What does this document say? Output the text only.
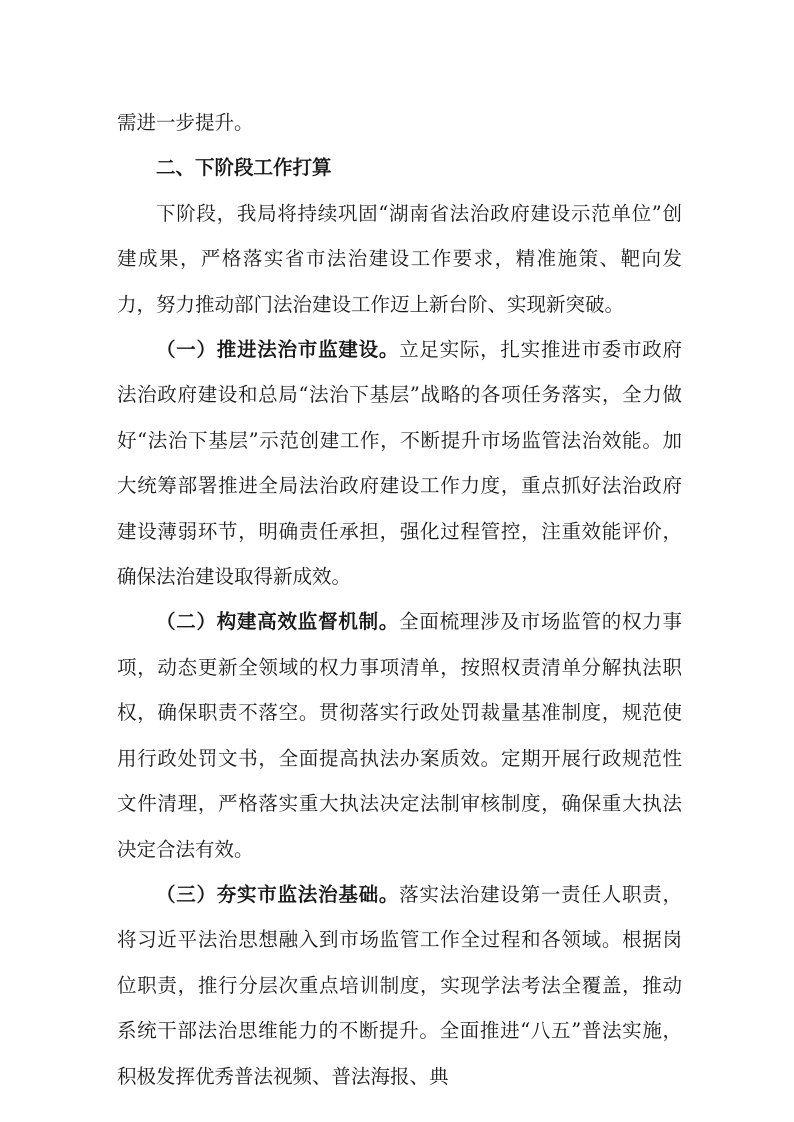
需进一步提升。

二、下阶段工作打算

下阶段，我局将持续巩固“湖南省法治政府建设示范单位”创建成果，严格落实省市法治建设工作要求，精准施策、靶向发力，努力推动部门法治建设工作迈上新台阶、实现新突破。

（一）推进法治市监建设。立足实际，扎实推进市委市政府法治政府建设和总局“法治下基层”战略的各项任务落实，全力做好“法治下基层”示范创建工作，不断提升市场监管法治效能。加大统筹部署推进全局法治政府建设工作力度，重点抓好法治政府建设薄弱环节，明确责任承担，强化过程管控，注重效能评价，确保法治建设取得新成效。

（二）构建高效监督机制。全面梳理涉及市场监管的权力事项，动态更新全领域的权力事项清单，按照权责清单分解执法职权，确保职责不落空。贯彻落实行政处罚裁量基准制度，规范使用行政处罚文书，全面提高执法办案质效。定期开展行政规范性文件清理，严格落实重大执法决定法制审核制度，确保重大执法决定合法有效。

（三）夯实市监法治基础。落实法治建设第一责任人职责，将习近平法治思想融入到市场监管工作全过程和各领域。根据岗位职责，推行分层次重点培训制度，实现学法考法全覆盖，推动系统干部法治思维能力的不断提升。全面推进“八五”普法实施，积极发挥优秀普法视频、普法海报、典
